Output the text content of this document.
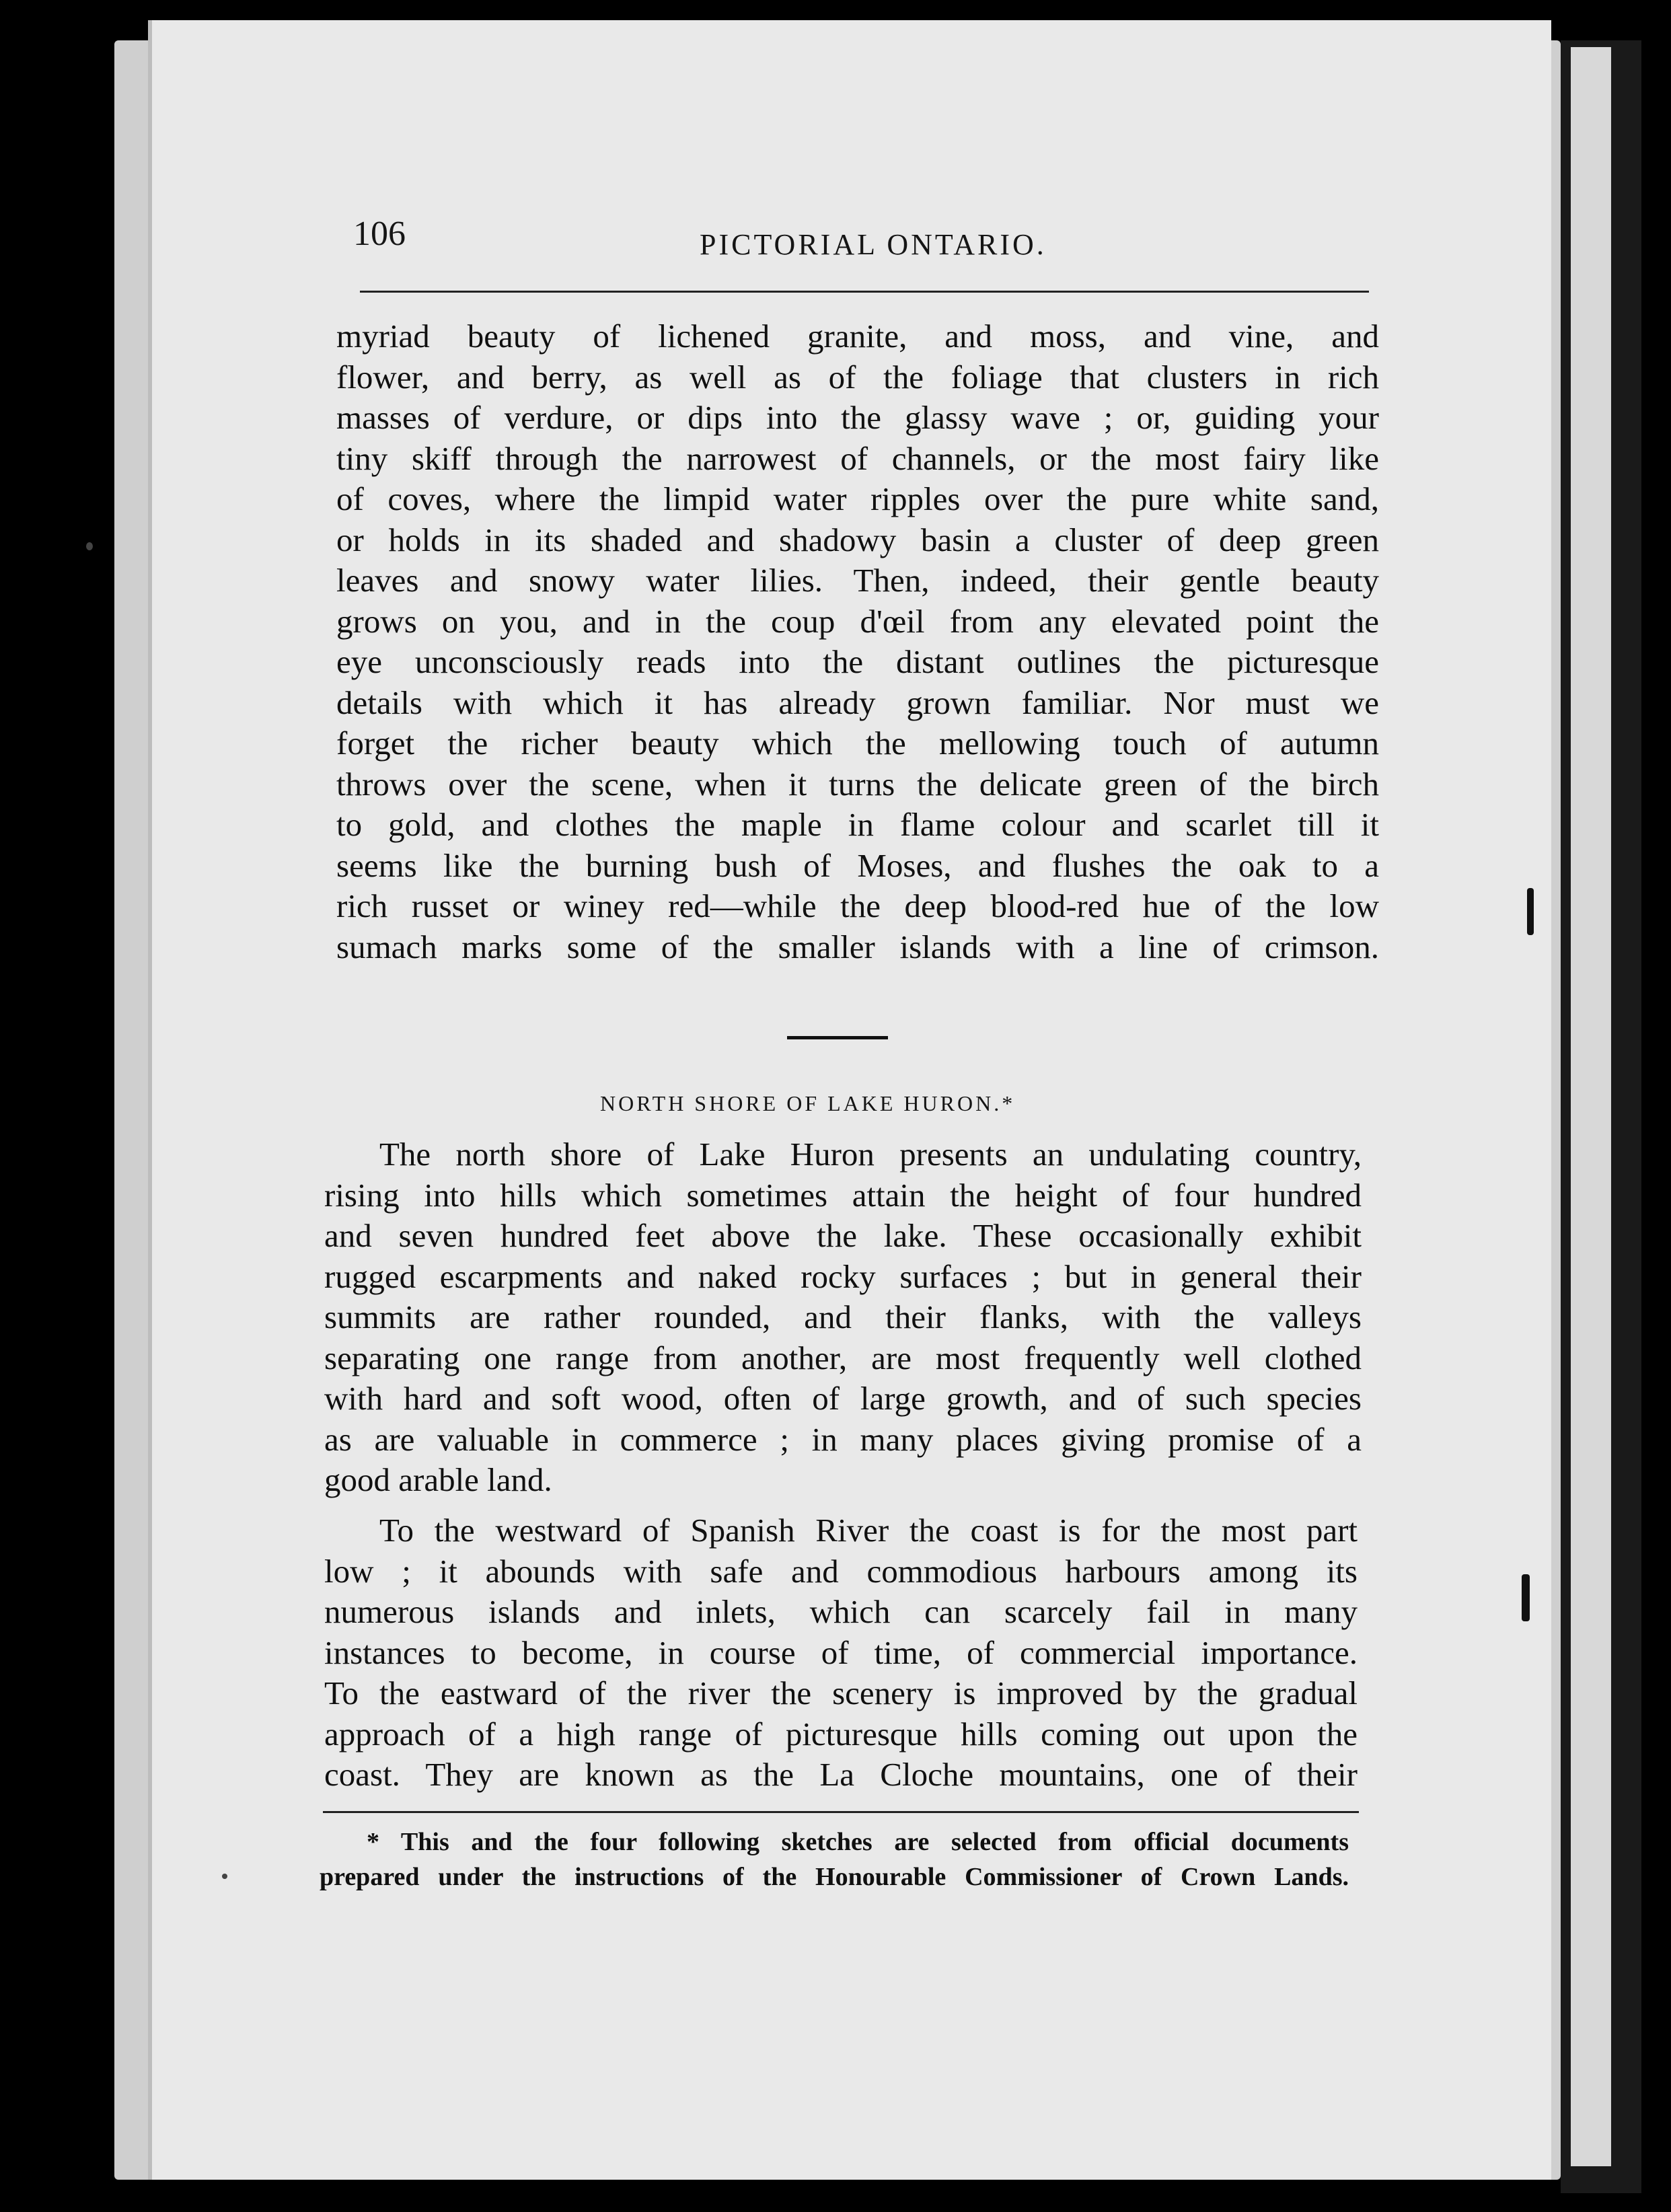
106	PICTORIAL ONTARIO.
myriad beauty of lichened granite, and moss, and vine, and
flower, and berry, as well as of the foliage that clusters in rich
masses of verdure, or dips into the glassy wave ; or, guiding your
tiny skiff through the narrowest of channels, or the most fairy like
of coves, where the limpid water ripples over the pure white sand,
or holds in its shaded and shadowy basin a cluster of deep green
leaves and snowy water lilies. Then, indeed, their gentle beauty
grows on you, and in the coup d'œil from any elevated point the
eye unconsciously reads into the distant outlines the picturesque
details with which it has already grown familiar. Nor must we
forget the richer beauty which the mellowing touch of autumn
throws over the scene, when it turns the delicate green of the birch
to gold, and clothes the maple in flame colour and scarlet till it
seems like the burning bush of Moses, and flushes the oak to a
rich russet or winey red—while the deep blood-red hue of the low
sumach marks some of the smaller islands with a line of crimson.
NORTH SHORE OF LAKE HURON.*
The north shore of Lake Huron presents an undulating country,
rising into hills which sometimes attain the height of four hundred
and seven hundred feet above the lake. These occasionally exhibit
rugged escarpments and naked rocky surfaces ; but in general their
summits are rather rounded, and their flanks, with the valleys
separating one range from another, are most frequently well clothed
with hard and soft wood, often of large growth, and of such species
as are valuable in commerce ; in many places giving promise of a
good arable land.
To the westward of Spanish River the coast is for the most part
low ; it abounds with safe and commodious harbours among its
numerous islands and inlets, which can scarcely fail in many
instances to become, in course of time, of commercial importance.
To the eastward of the river the scenery is improved by the gradual
approach of a high range of picturesque hills coming out upon the
coast. They are known as the La Cloche mountains, one of their
* This and the four following sketches are selected from official documents
prepared under the instructions of the Honourable Commissioner of Crown Lands.
